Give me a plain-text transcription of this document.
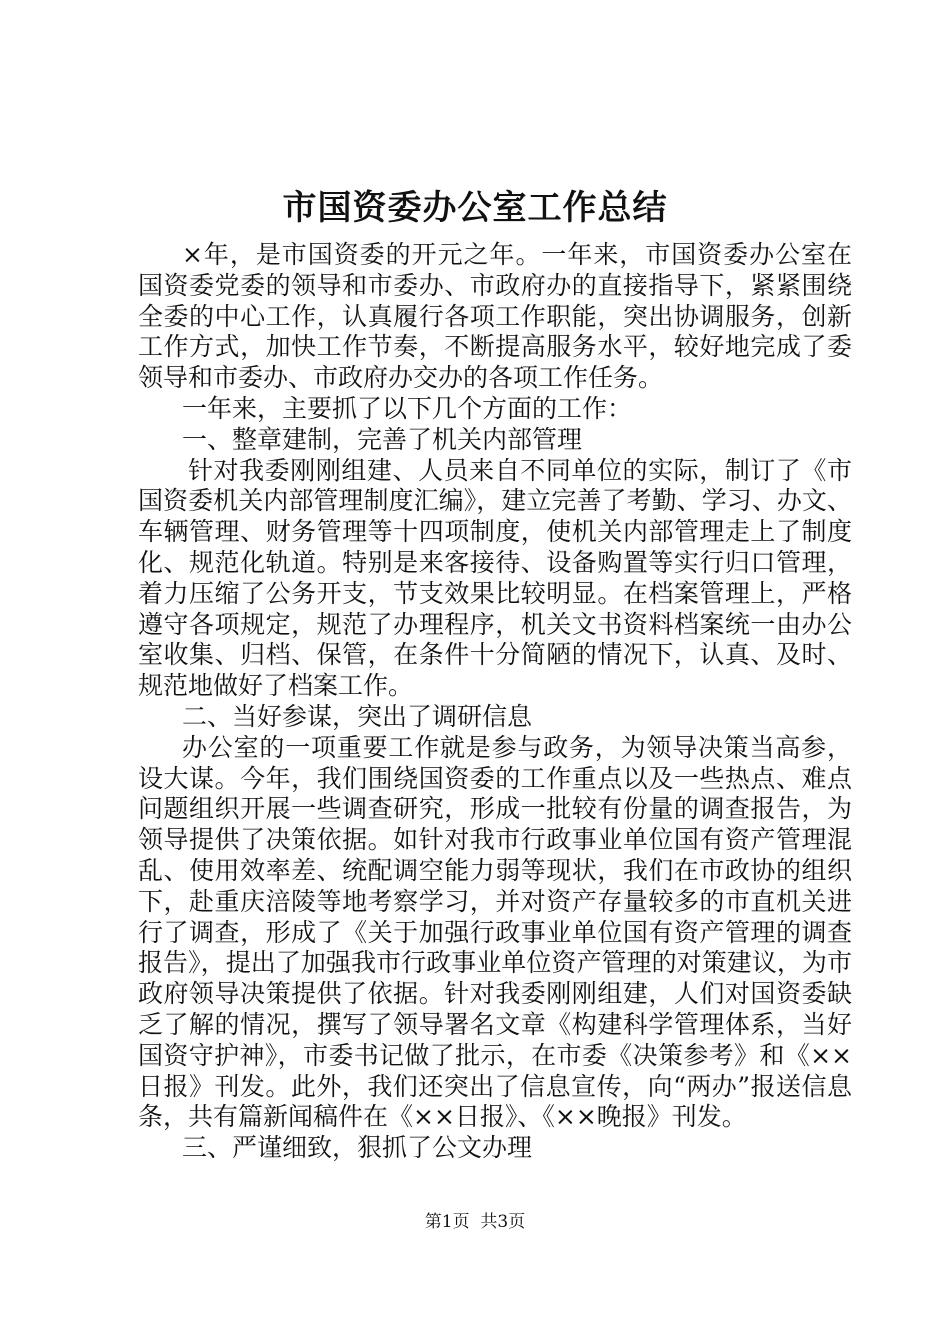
市国资委办公室工作总结

×年，是市国资委的开元之年。一年来，市国资委办公室在国资委党委的领导和市委办、市政府办的直接指导下，紧紧围绕全委的中心工作，认真履行各项工作职能，突出协调服务，创新工作方式，加快工作节奏，不断提高服务水平，较好地完成了委领导和市委办、市政府办交办的各项工作任务。

一年来，主要抓了以下几个方面的工作：

一、整章建制，完善了机关内部管理

针对我委刚刚组建、人员来自不同单位的实际，制订了《市国资委机关内部管理制度汇编》，建立完善了考勤、学习、办文、车辆管理、财务管理等十四项制度，使机关内部管理走上了制度化、规范化轨道。特别是来客接待、设备购置等实行归口管理，着力压缩了公务开支，节支效果比较明显。在档案管理上，严格遵守各项规定，规范了办理程序，机关文书资料档案统一由办公室收集、归档、保管，在条件十分简陋的情况下，认真、及时、规范地做好了档案工作。

二、当好参谋，突出了调研信息

办公室的一项重要工作就是参与政务，为领导决策当高参，设大谋。今年，我们围绕国资委的工作重点以及一些热点、难点问题组织开展一些调查研究，形成一批较有份量的调查报告，为领导提供了决策依据。如针对我市行政事业单位国有资产管理混乱、使用效率差、统配调空能力弱等现状，我们在市政协的组织下，赴重庆涪陵等地考察学习，并对资产存量较多的市直机关进行了调查，形成了《关于加强行政事业单位国有资产管理的调查报告》，提出了加强我市行政事业单位资产管理的对策建议，为市政府领导决策提供了依据。针对我委刚刚组建，人们对国资委缺乏了解的情况，撰写了领导署名文章《构建科学管理体系，当好国资守护神》，市委书记做了批示，在市委《决策参考》和《××日报》刊发。此外，我们还突出了信息宣传，向“两办”报送信息条，共有篇新闻稿件在《××日报》、《××晚报》刊发。

三、严谨细致，狠抓了公文办理

第1页  共3页
